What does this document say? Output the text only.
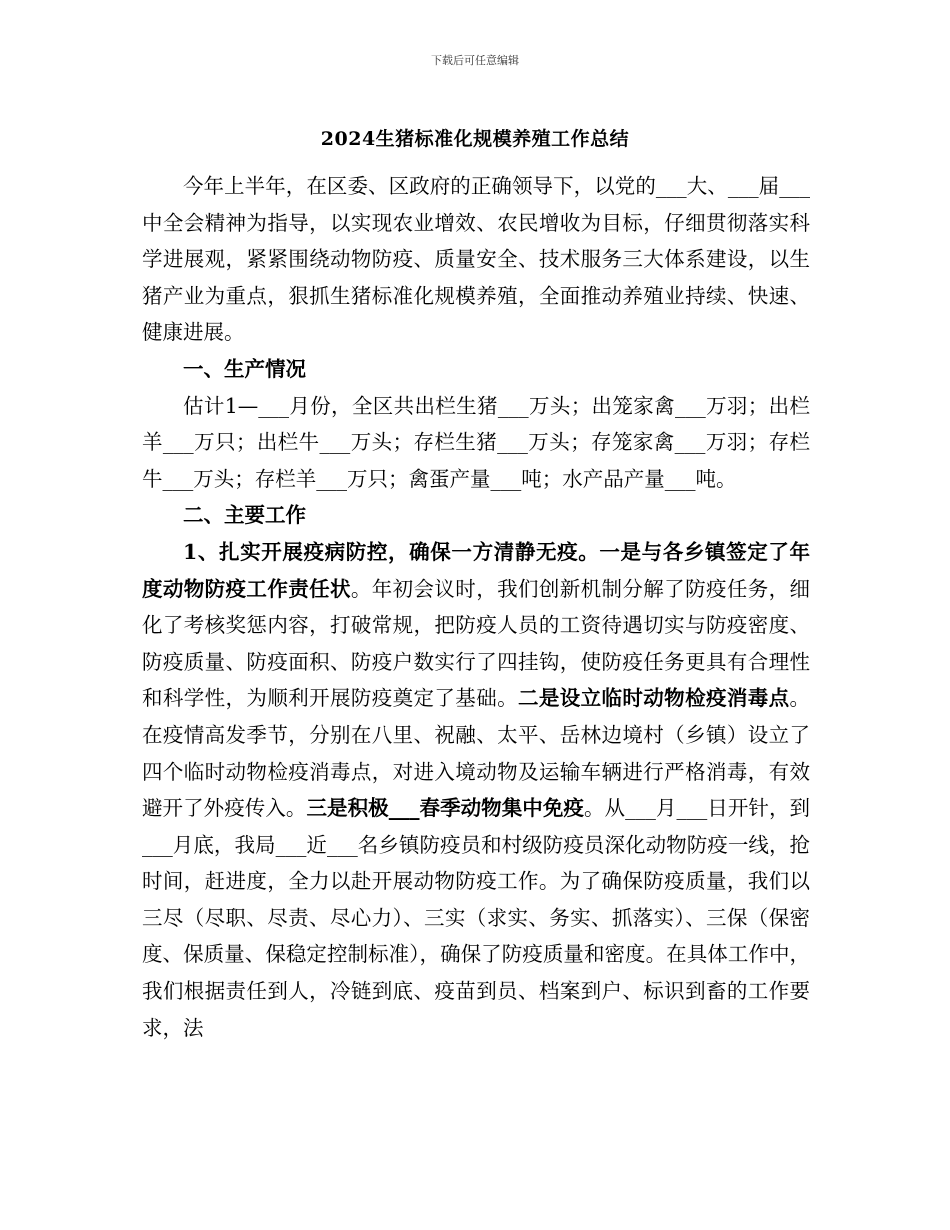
下载后可任意编辑
2024生猪标准化规模养殖工作总结

今年上半年，在区委、区政府的正确领导下，以党的___大、___届___中全会精神为指导，以实现农业增效、农民增收为目标，仔细贯彻落实科学进展观，紧紧围绕动物防疫、质量安全、技术服务三大体系建设，以生猪产业为重点，狠抓生猪标准化规模养殖，全面推动养殖业持续、快速、健康进展。

一、生产情况

估计1—___月份，全区共出栏生猪___万头；出笼家禽___万羽；出栏羊___万只；出栏牛___万头；存栏生猪___万头；存笼家禽___万羽；存栏牛___万头；存栏羊___万只；禽蛋产量___吨；水产品产量___吨。

二、主要工作

1、扎实开展疫病防控，确保一方清静无疫。一是与各乡镇签定了年度动物防疫工作责任状。年初会议时，我们创新机制分解了防疫任务，细化了考核奖惩内容，打破常规，把防疫人员的工资待遇切实与防疫密度、防疫质量、防疫面积、防疫户数实行了四挂钩，使防疫任务更具有合理性和科学性，为顺利开展防疫奠定了基础。二是设立临时动物检疫消毒点。在疫情高发季节，分别在八里、祝融、太平、岳林边境村（乡镇）设立了四个临时动物检疫消毒点，对进入境动物及运输车辆进行严格消毒，有效避开了外疫传入。三是积极___春季动物集中免疫。从___月___日开针，到___月底，我局___近___名乡镇防疫员和村级防疫员深化动物防疫一线，抢时间，赶进度，全力以赴开展动物防疫工作。为了确保防疫质量，我们以三尽（尽职、尽责、尽心力）、三实（求实、务实、抓落实）、三保（保密度、保质量、保稳定控制标准），确保了防疫质量和密度。在具体工作中，我们根据责任到人，冷链到底、疫苗到员、档案到户、标识到畜的工作要求，法
